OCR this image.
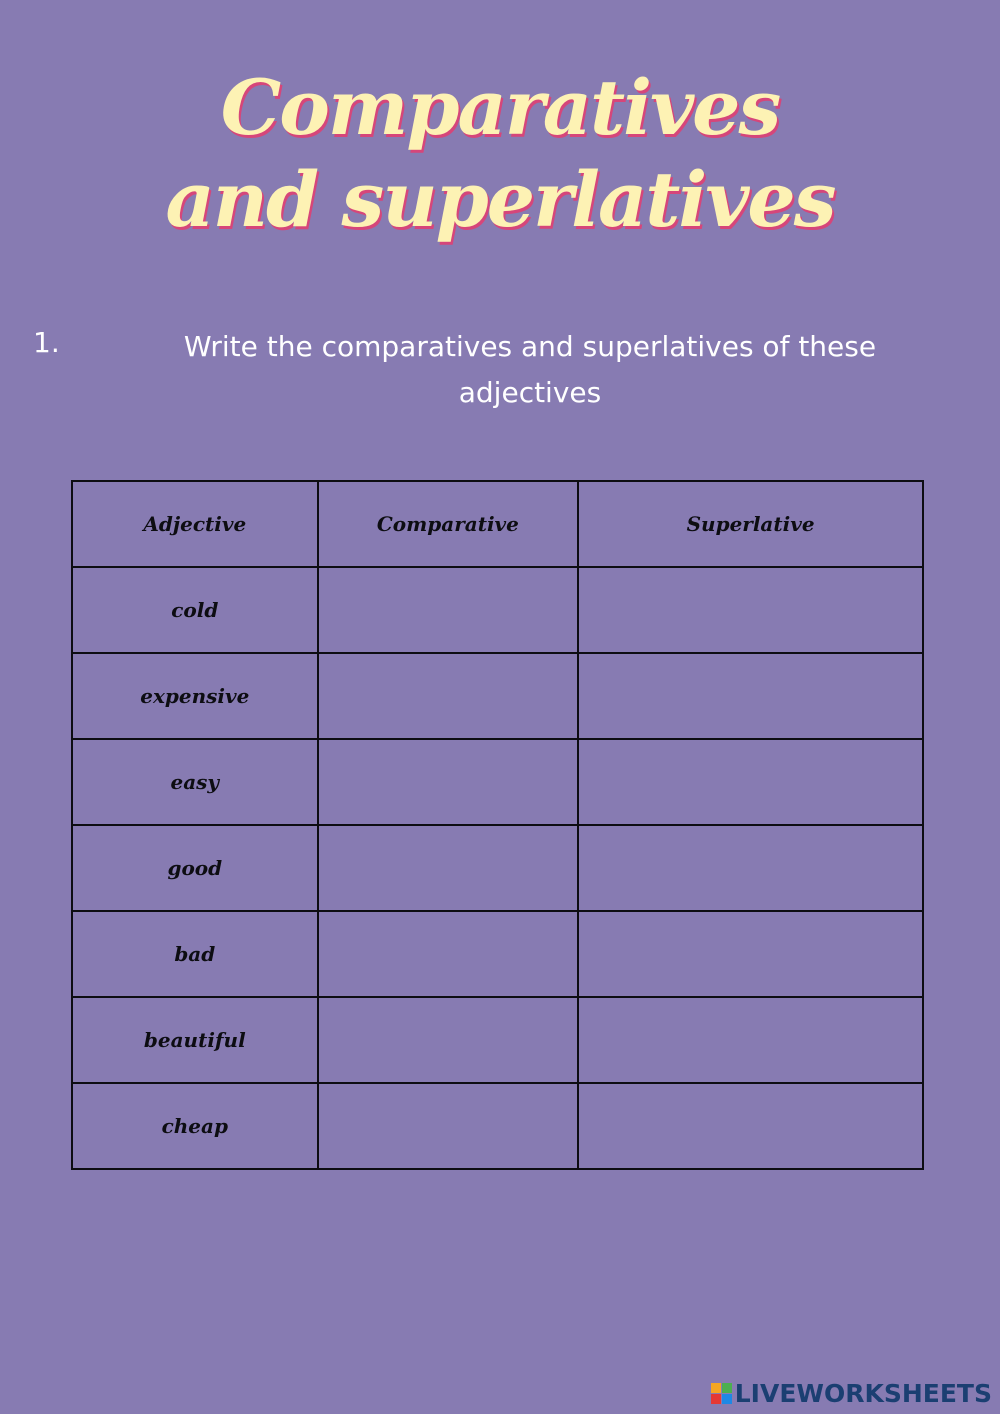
Comparatives
and superlatives
1.	Write the comparatives and superlatives of these adjectives
Adjective	Comparative	Superlative
cold		
expensive		
easy		
good		
bad		
beautiful		
cheap		
LIVEWORKSHEETS
